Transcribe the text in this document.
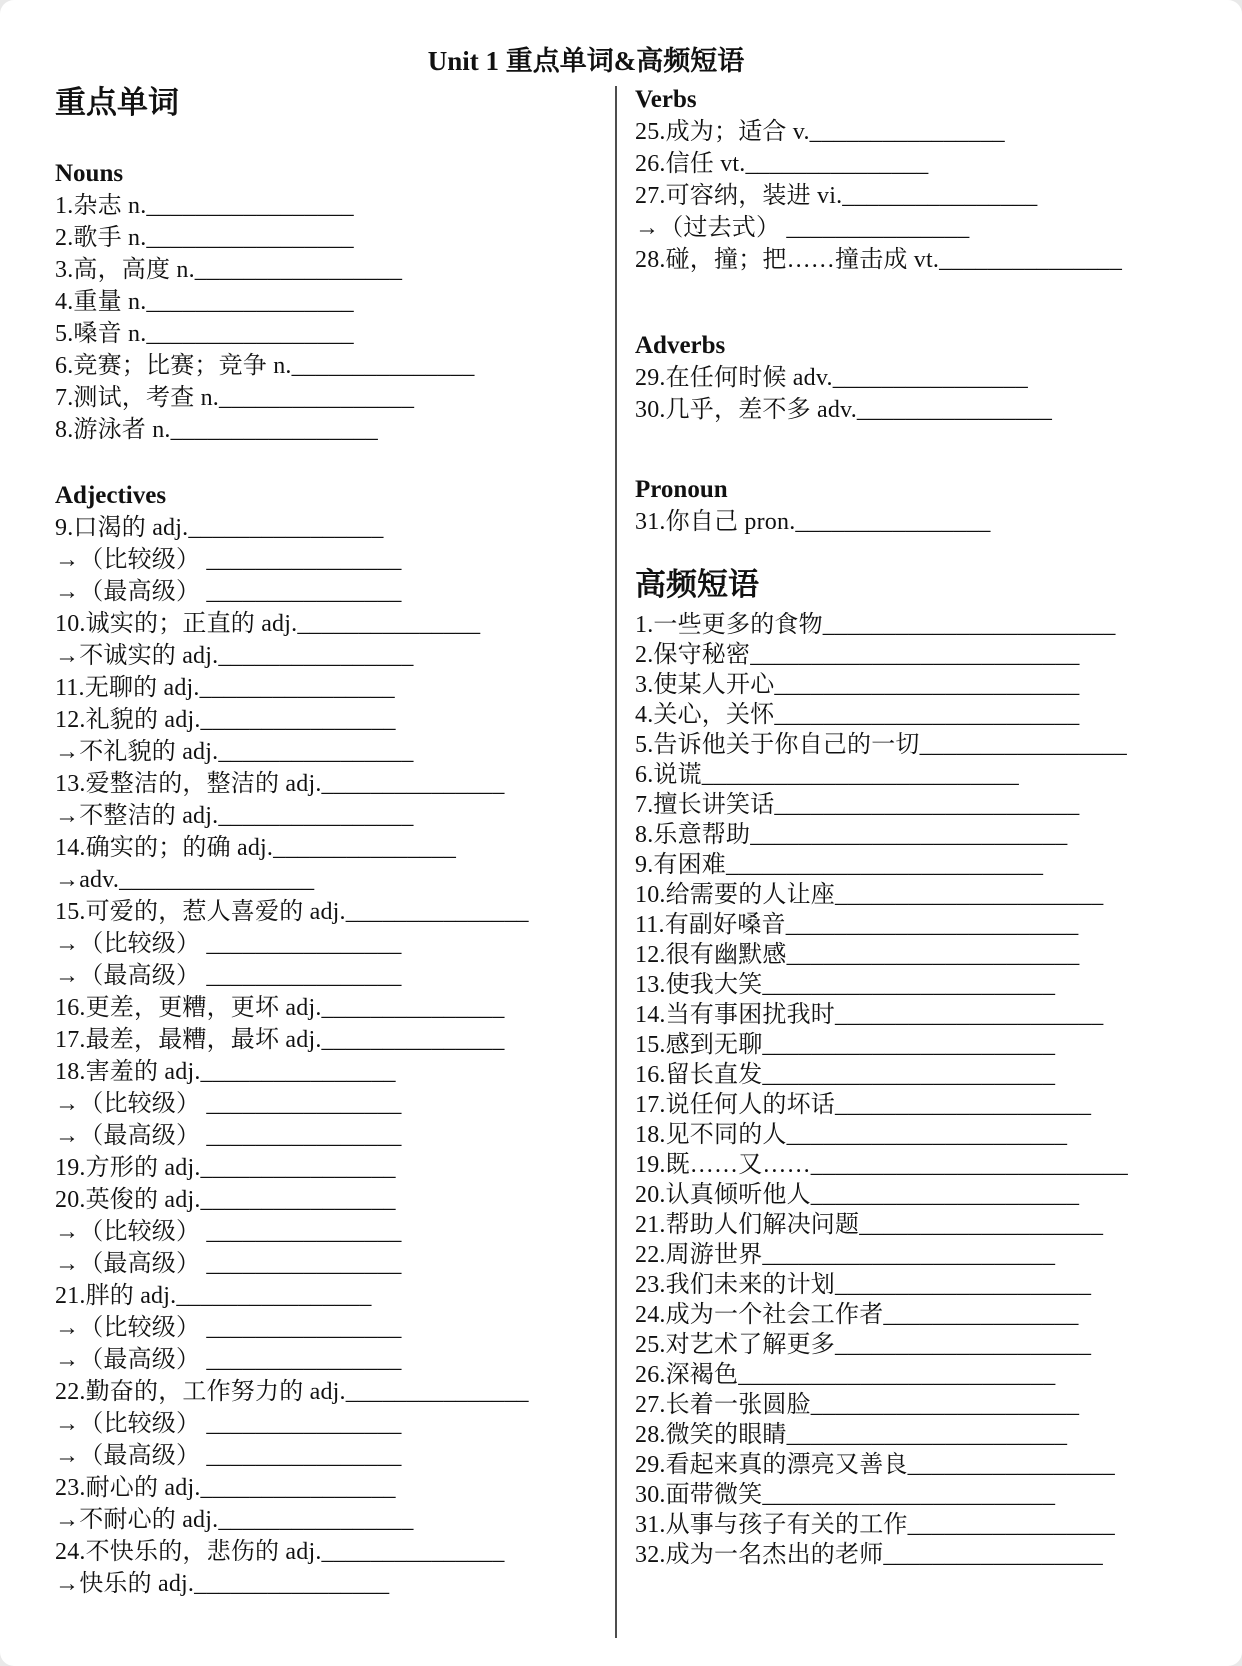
Unit 1 重点单词&高频短语
重点单词
Nouns
1.杂志 n._________________
2.歌手 n._________________
3.高，高度 n._________________
4.重量 n._________________
5.嗓音 n._________________
6.竞赛；比赛；竞争 n._______________
7.测试，考查 n.________________
8.游泳者 n._________________
Adjectives
9.口渴的 adj.________________
→（比较级） ________________
→（最高级） ________________
10.诚实的；正直的 adj._______________
→不诚实的 adj.________________
11.无聊的 adj.________________
12.礼貌的 adj.________________
→不礼貌的 adj.________________
13.爱整洁的，整洁的 adj._______________
→不整洁的 adj.________________
14.确实的；的确 adj._______________
→adv.________________
15.可爱的，惹人喜爱的 adj._______________
→（比较级） ________________
→（最高级） ________________
16.更差，更糟，更坏 adj._______________
17.最差，最糟，最坏 adj._______________
18.害羞的 adj.________________
→（比较级） ________________
→（最高级） ________________
19.方形的 adj.________________
20.英俊的 adj.________________
→（比较级） ________________
→（最高级） ________________
21.胖的 adj.________________
→（比较级） ________________
→（最高级） ________________
22.勤奋的，工作努力的 adj._______________
→（比较级） ________________
→（最高级） ________________
23.耐心的 adj.________________
→不耐心的 adj.________________
24.不快乐的，悲伤的 adj._______________
→快乐的 adj.________________
Verbs
25.成为；适合 v.________________
26.信任 vt._______________
27.可容纳，装进 vi.________________
→（过去式） _______________
28.碰，撞；把……撞击成 vt._______________
Adverbs
29.在任何时候 adv.________________
30.几乎，差不多 adv.________________
Pronoun
31.你自己 pron.________________
高频短语
1.一些更多的食物________________________
2.保守秘密___________________________
3.使某人开心_________________________
4.关心，关怀_________________________
5.告诉他关于你自己的一切_________________
6.说谎__________________________
7.擅长讲笑话_________________________
8.乐意帮助__________________________
9.有困难__________________________
10.给需要的人让座______________________
11.有副好嗓音________________________
12.很有幽默感________________________
13.使我大笑________________________
14.当有事困扰我时______________________
15.感到无聊________________________
16.留长直发________________________
17.说任何人的坏话_____________________
18.见不同的人_______________________
19.既……又……__________________________
20.认真倾听他人______________________
21.帮助人们解决问题____________________
22.周游世界________________________
23.我们未来的计划_____________________
24.成为一个社会工作者________________
25.对艺术了解更多_____________________
26.深褐色__________________________
27.长着一张圆脸______________________
28.微笑的眼睛_______________________
29.看起来真的漂亮又善良_________________
30.面带微笑________________________
31.从事与孩子有关的工作_________________
32.成为一名杰出的老师__________________
